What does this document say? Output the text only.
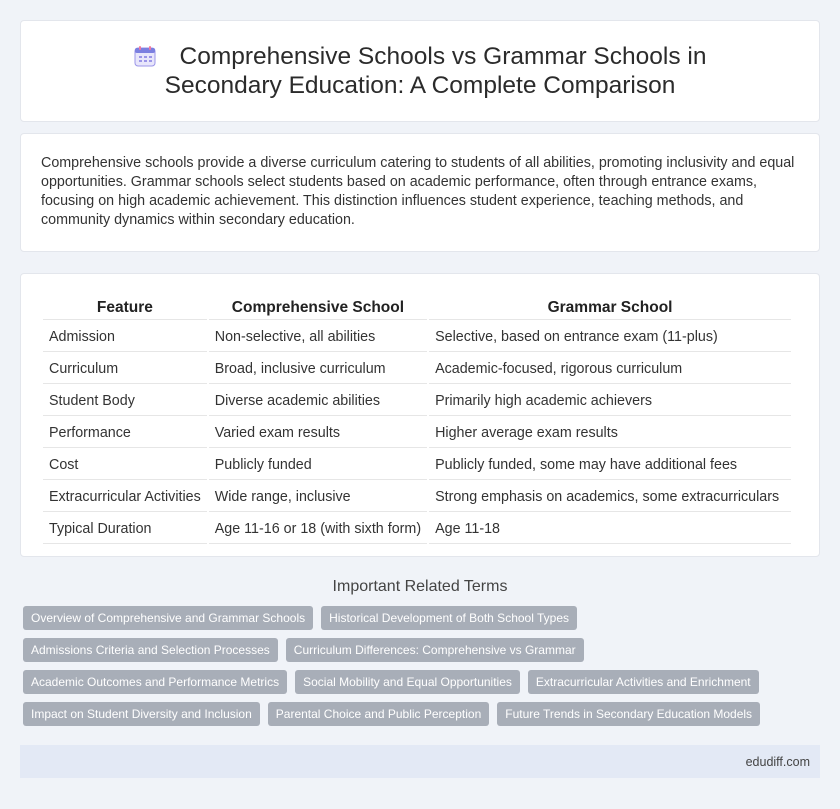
Comprehensive Schools vs Grammar Schools in Secondary Education: A Complete Comparison

Comprehensive schools provide a diverse curriculum catering to students of all abilities, promoting inclusivity and equal opportunities. Grammar schools select students based on academic performance, often through entrance exams, focusing on high academic achievement. This distinction influences student experience, teaching methods, and community dynamics within secondary education.

Feature	Comprehensive School	Grammar School
Admission	Non-selective, all abilities	Selective, based on entrance exam (11-plus)
Curriculum	Broad, inclusive curriculum	Academic-focused, rigorous curriculum
Student Body	Diverse academic abilities	Primarily high academic achievers
Performance	Varied exam results	Higher average exam results
Cost	Publicly funded	Publicly funded, some may have additional fees
Extracurricular Activities	Wide range, inclusive	Strong emphasis on academics, some extracurriculars
Typical Duration	Age 11-16 or 18 (with sixth form)	Age 11-18
Important Related Terms
Overview of Comprehensive and Grammar Schools	Historical Development of Both School Types
Admissions Criteria and Selection Processes	Curriculum Differences: Comprehensive vs Grammar
Academic Outcomes and Performance Metrics	Social Mobility and Equal Opportunities	Extracurricular Activities and Enrichment
Impact on Student Diversity and Inclusion	Parental Choice and Public Perception	Future Trends in Secondary Education Models
edudiff.com
